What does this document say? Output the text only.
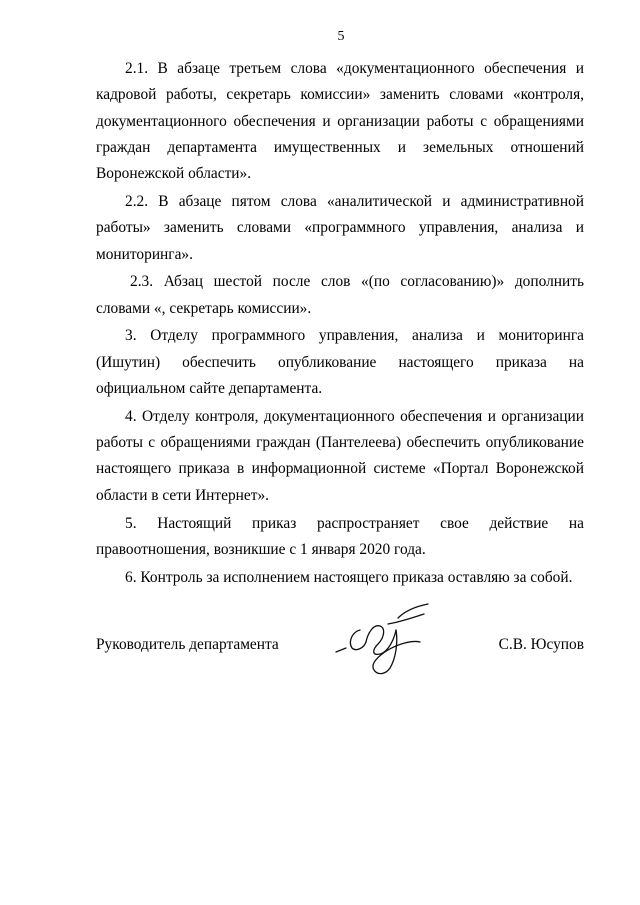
5

2.1. В абзаце третьем слова «документационного обеспечения и кадровой работы, секретарь комиссии» заменить словами «контроля, документационного обеспечения и организации работы с обращениями граждан департамента имущественных и земельных отношений Воронежской области».

2.2. В абзаце пятом слова «аналитической и административной работы» заменить словами «программного управления, анализа и мониторинга».

2.3. Абзац шестой после слов «(по согласованию)» дополнить словами «, секретарь комиссии».

3. Отделу программного управления, анализа и мониторинга (Ишутин) обеспечить опубликование настоящего приказа на официальном сайте департамента.

4. Отделу контроля, документационного обеспечения и организации работы с обращениями граждан (Пантелеева) обеспечить опубликование настоящего приказа в информационной системе «Портал Воронежской области в сети Интернет».

5. Настоящий приказ распространяет свое действие на правоотношения, возникшие с 1 января 2020 года.

6. Контроль за исполнением настоящего приказа оставляю за собой.

Руководитель департамента	С.В. Юсупов
